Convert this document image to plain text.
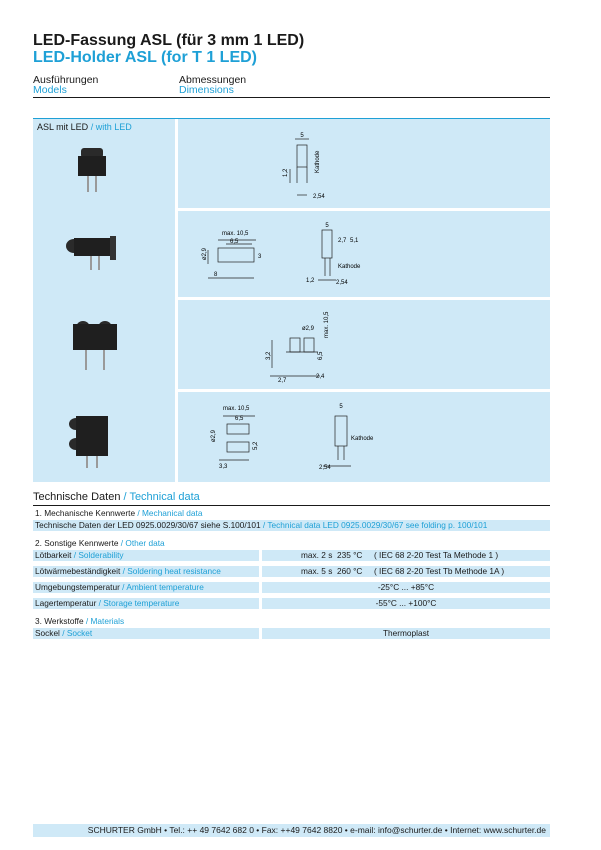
LED-Fassung ASL (für 3 mm 1 LED)
LED-Holder ASL (for T 1 LED)
Ausführungen
Models
Abmessungen
Dimensions
ASL mit LED / with LED
5
1,2
2,54
Kathode
max. 10,5
6,5
ø2,9	3
8
5
2,7 5,1
Kathode
1,2	2,54
ø2,9 max. 10,5
3,2	6,5
2,7
2,4
max. 10,5
6,5
ø2,9
5,2
3,3
5
Kathode
2,54
Technische Daten / Technical data
1. Mechanische Kennwerte / Mechanical data
Technische Daten der LED 0925.0029/30/67 siehe S.100/101 / Technical data LED 0925.0029/30/67 see folding p. 100/101
2. Sonstige Kennwerte / Other data
Lötbarkeit / Solderability	max. 2 s  235 °C     ( IEC 68 2-20 Test Ta Methode 1 )
Lötwärmebeständigkeit / Soldering heat resistance	max. 5 s  260 °C     ( IEC 68 2-20 Test Tb Methode 1A )
Umgebungstemperatur / Ambient temperature	-25°C ... +85°C
Lagertemperatur / Storage temperature	-55°C ... +100°C
3. Werkstoffe / Materials
Sockel / Socket	Thermoplast
SCHURTER GmbH • Tel.: ++ 49 7642 682 0 • Fax: ++49 7642 8820 • e-mail: info@schurter.de • Internet: www.schurter.de
